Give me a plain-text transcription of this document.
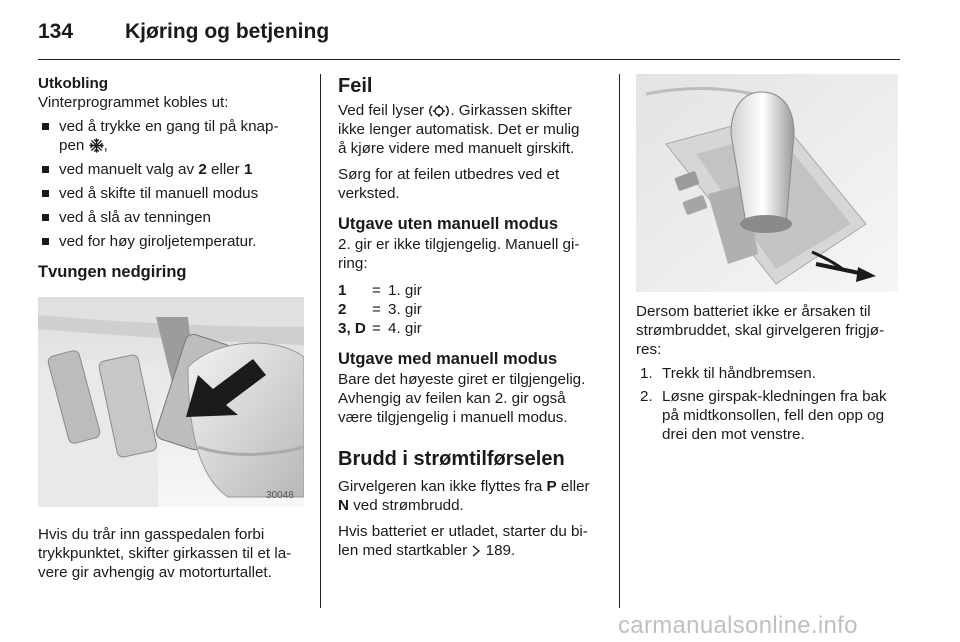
134 Kjøring og betjening
Utkobling

Vinterprogrammet kobles ut:

ved å trykke en gang til på knap-
pen ,
ved manuelt valg av 2 eller 1
ved å skifte til manuell modus
ved å slå av tenningen
ved for høy giroljetemperatur.
Tvungen nedgiring
30048

Hvis du trår inn gasspedalen forbi
trykkpunktet, skifter girkassen til et la-
vere gir avhengig av motorturtallet.

Feil

Ved feil lyser . Girkassen skifter
ikke lenger automatisk. Det er mulig
å kjøre videre med manuelt girskift.

Sørg for at feilen utbedres ved et
verksted.

Utgave uten manuell modus

2. gir er ikke tilgjengelig. Manuell gi-
ring:

1	= 1. gir
2	= 3. gir
3, D = 4. gir
Utgave med manuell modus

Bare det høyeste giret er tilgjengelig.
Avhengig av feilen kan 2. gir også
være tilgjengelig i manuell modus.

Brudd i strømtilførselen

Girvelgeren kan ikke flyttes fra P eller
N ved strømbrudd.

Hvis batteriet er utladet, starter du bi-
len med startkabler 189.

Dersom batteriet ikke er årsaken til
strømbruddet, skal girvelgeren frigjø-
res:

1. Trekk til håndbremsen.
2. Løsne girspak-kledningen fra bak
på midtkonsollen, fell den opp og
drei den mot venstre.
carmanualsonline.info
